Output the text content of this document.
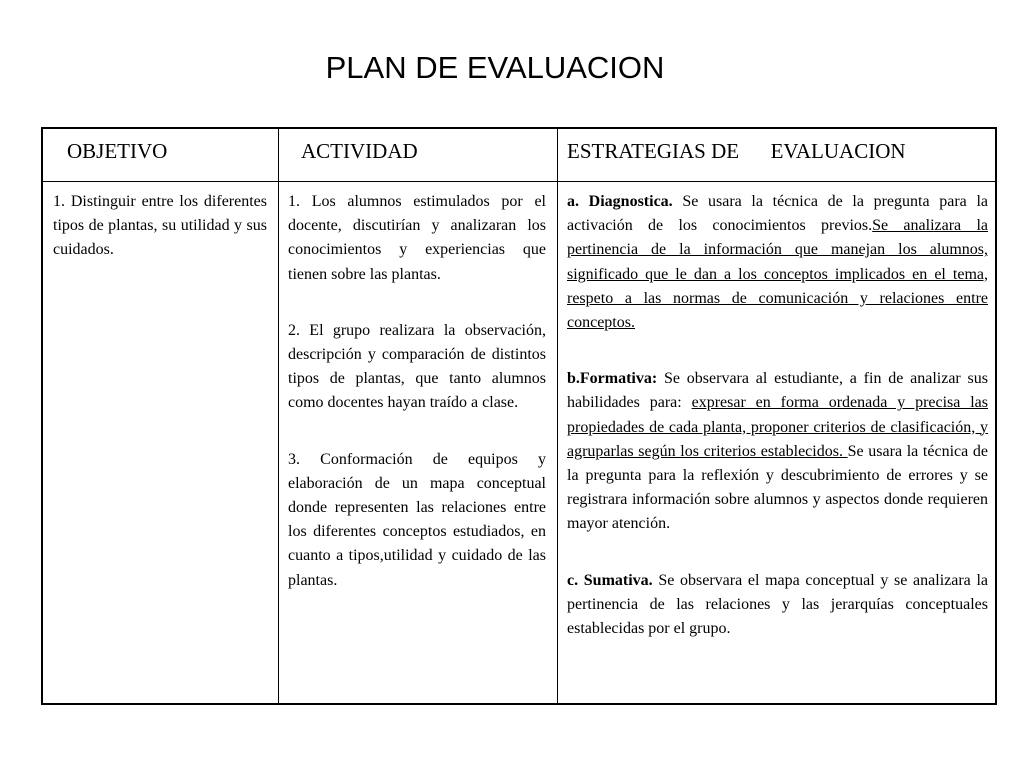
PLAN DE EVALUACION
OBJETIVO	ACTIVIDAD	ESTRATEGIAS DE      EVALUACION

1. Distinguir entre los diferentes tipos de plantas, su utilidad y sus cuidados.

1. Los alumnos estimulados por el docente, discutirían y analizaran los conocimientos y experiencias que tienen sobre las plantas.

2. El grupo realizara la observación, descripción y comparación de distintos tipos de plantas, que tanto alumnos como docentes hayan traído a clase.

3. Conformación de equipos y elaboración de un mapa conceptual donde representen las relaciones entre los diferentes conceptos estudiados, en cuanto a tipos,utilidad y cuidado de las plantas.

a. Diagnostica. Se usara la técnica de la pregunta para la activación de los conocimientos previos.Se analizara la pertinencia de la información que manejan los alumnos, significado que le dan a los conceptos implicados en el tema, respeto a las normas de comunicación y relaciones entre conceptos.

b.Formativa: Se observara al estudiante, a fin de analizar sus habilidades para: expresar en forma ordenada y precisa las propiedades de cada planta, proponer criterios de clasificación, y agruparlas según los criterios establecidos. Se usara la técnica de la pregunta para la reflexión y descubrimiento de errores y se registrara información sobre alumnos y aspectos donde requieren mayor atención.

c. Sumativa. Se observara el mapa conceptual y se analizara la pertinencia de las relaciones y las jerarquías conceptuales establecidas por el grupo.
